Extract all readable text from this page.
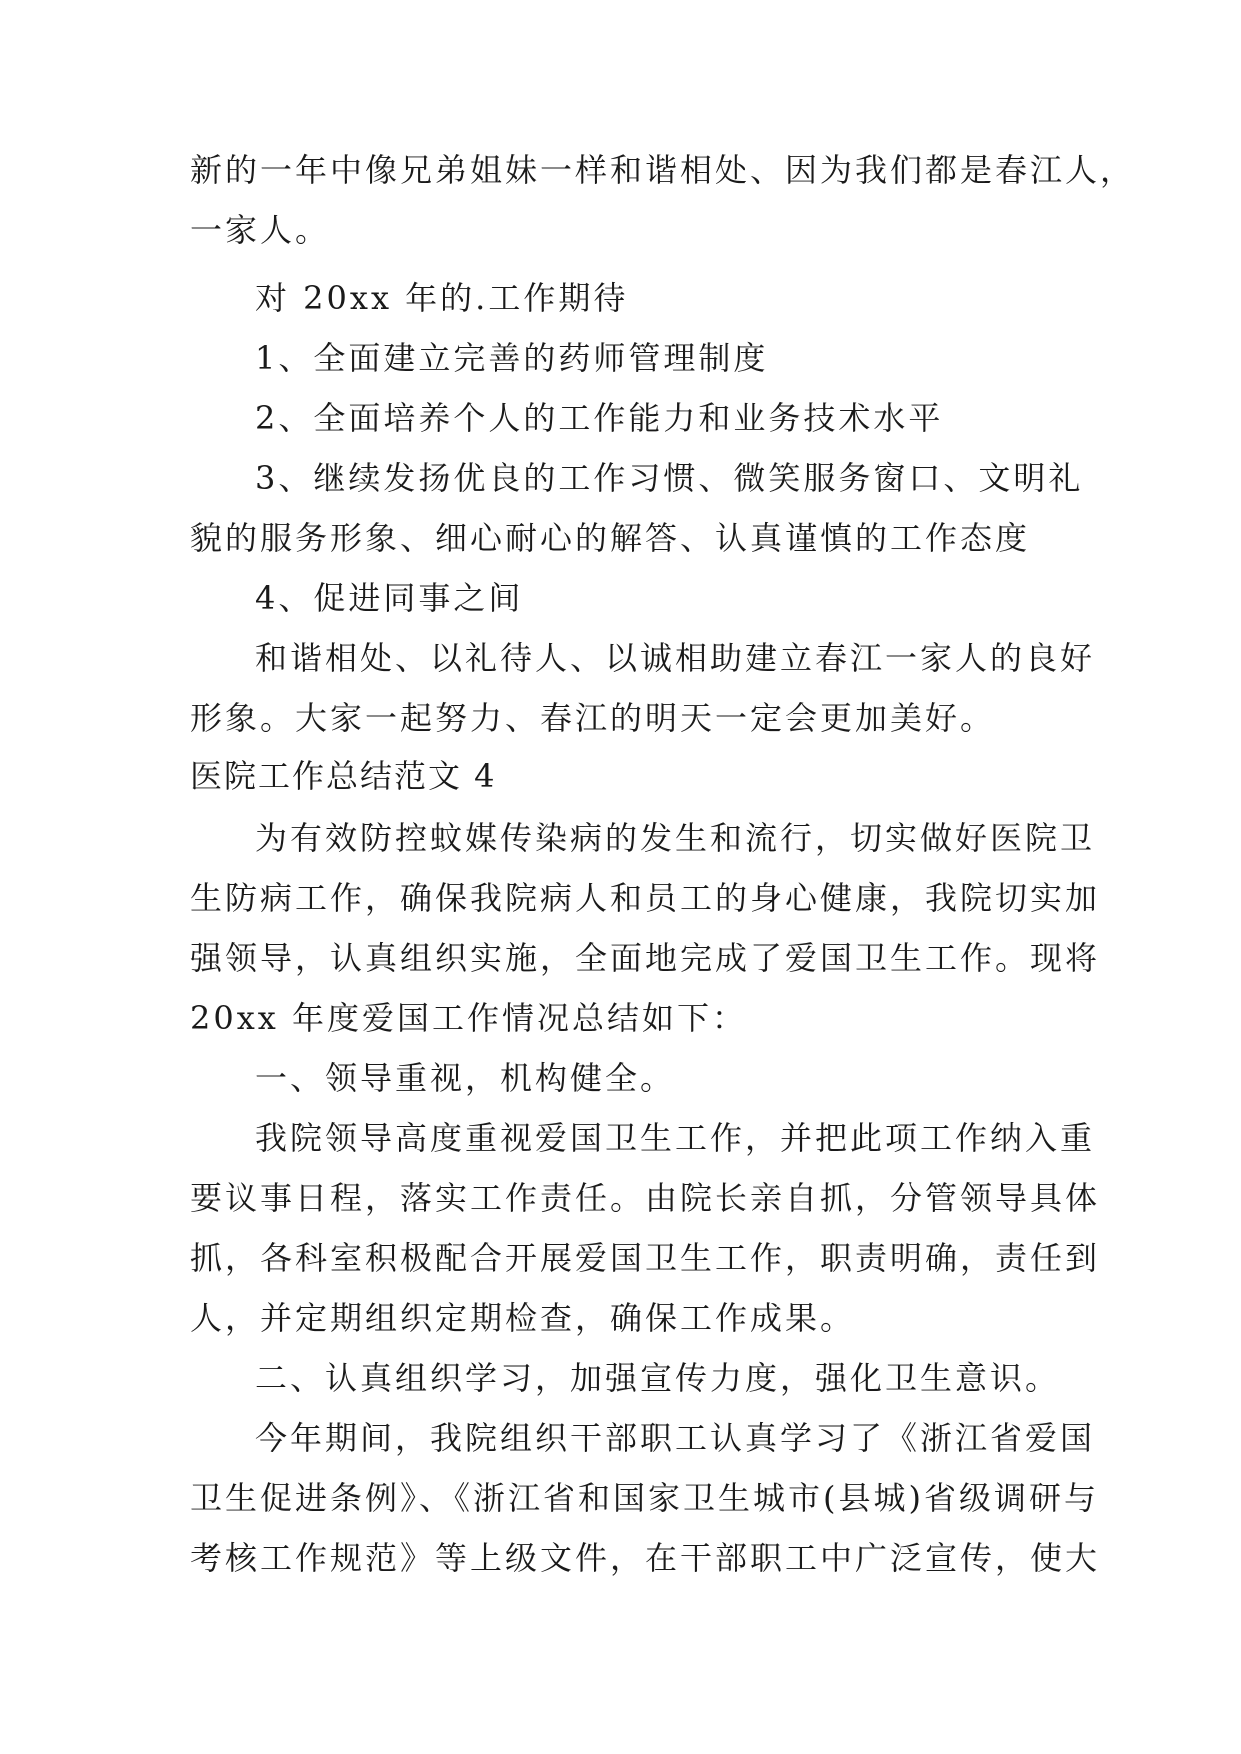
新的一年中像兄弟姐妹一样和谐相处、因为我们都是春江人，
一家人。
对 20xx 年的.工作期待
1、全面建立完善的药师管理制度
2、全面培养个人的工作能力和业务技术水平
3、继续发扬优良的工作习惯、微笑服务窗口、文明礼
貌的服务形象、细心耐心的解答、认真谨慎的工作态度
4、促进同事之间
和谐相处、以礼待人、以诚相助建立春江一家人的良好
形象。大家一起努力、春江的明天一定会更加美好。
医院工作总结范文 4
为有效防控蚊媒传染病的发生和流行，切实做好医院卫
生防病工作，确保我院病人和员工的身心健康，我院切实加
强领导，认真组织实施，全面地完成了爱国卫生工作。现将
20xx 年度爱国工作情况总结如下：
一、领导重视，机构健全。
我院领导高度重视爱国卫生工作，并把此项工作纳入重
要议事日程，落实工作责任。由院长亲自抓，分管领导具体
抓，各科室积极配合开展爱国卫生工作，职责明确，责任到
人，并定期组织定期检查，确保工作成果。
二、认真组织学习，加强宣传力度，强化卫生意识。
今年期间，我院组织干部职工认真学习了《浙江省爱国
卫生促进条例》、《浙江省和国家卫生城市(县城)省级调研与
考核工作规范》等上级文件，在干部职工中广泛宣传，使大
